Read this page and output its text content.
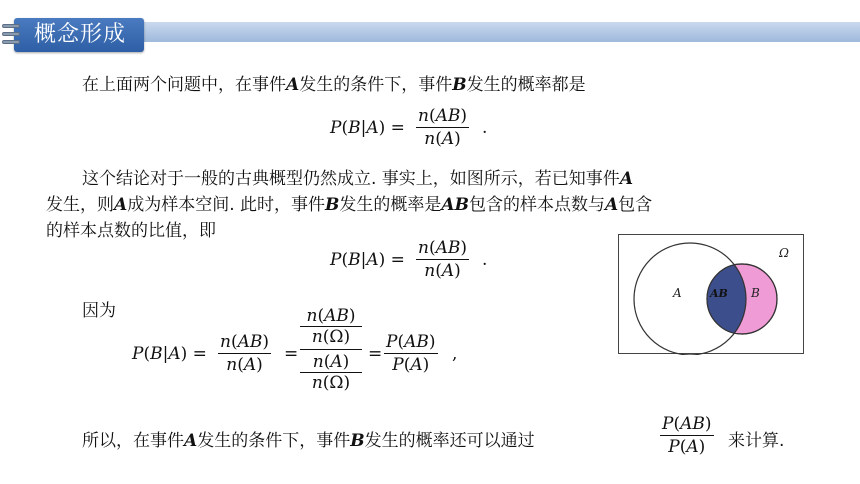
概念形成
在上面两个问题中，在事件A发生的条件下，事件B发生的概率都是
$P(B|A) = \frac{n(AB)}{n(A)}$ .
这个结论对于一般的古典概型仍然成立. 事实上，如图所示，若已知事件A
发生，则A成为样本空间. 此时，事件B发生的概率是AB包含的样本点数与A包含
的样本点数的比值，即
$P(B|A) = \frac{n(AB)}{n(A)}$ .	Ω
A	AB B
因为
$P(B|A) = \frac{n(AB)}{n(A)}$ =
n(AB)
n(Ω)
n(A)
n(Ω)
= $\frac{P(AB)}{P(A)}$ ,
所以，在事件A发生的条件下，事件B发生的概率还可以通过	$\frac{P(AB)}{P(A)}$ 来计算.
